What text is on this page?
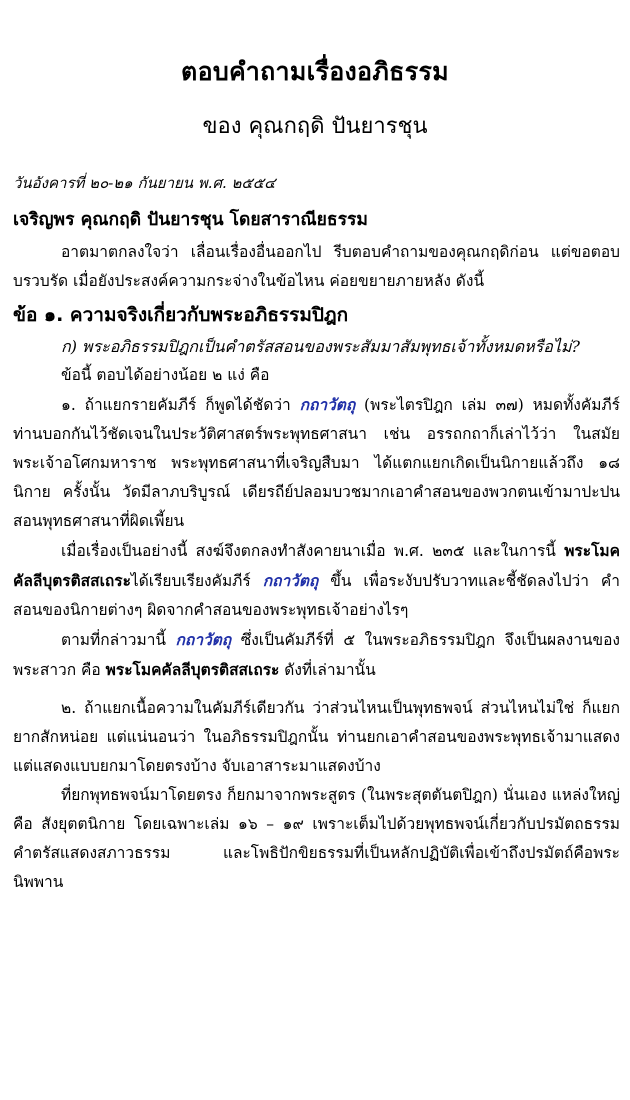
ตอบคำถามเรื่องอภิธรรม
ของ คุณกฤดิ ปันยารชุน
วันอังคารที่ ๒๐-๒๑ กันยายน พ.ศ. ๒๕๕๔
เจริญพร คุณกฤดิ ปันยารชุน โดยสาราณียธรรม

อาตมาตกลงใจว่า เลื่อนเรื่องอื่นออกไป รีบตอบคำถามของคุณกฤดิก่อน แต่ขอตอบบรวบรัด เมื่อยังประสงค์ความกระจ่างในข้อไหน ค่อยขยายภายหลัง ดังนี้

ข้อ ๑. ความจริงเกี่ยวกับพระอภิธรรมปิฎก

ก) พระอภิธรรมปิฎกเป็นคำตรัสสอนของพระสัมมาสัมพุทธเจ้าทั้งหมดหรือไม่?

ข้อนี้ ตอบได้อย่างน้อย ๒ แง่ คือ

๑. ถ้าแยกรายคัมภีร์ ก็พูดได้ชัดว่า กถาวัตถุ (พระไตรปิฎก เล่ม ๓๗) หมดทั้งคัมภีร์ ท่านบอกกันไว้ชัดเจนในประวัติศาสตร์พระพุทธศาสนา เช่น อรรถกถาก็เล่าไว้ว่า ในสมัยพระเจ้าอโศกมหาราช พระพุทธศาสนาที่เจริญสืบมา ได้แตกแยกเกิดเป็นนิกายแล้วถึง ๑๘ นิกาย ครั้งนั้น วัดมีลาภบริบูรณ์ เดียรถีย์ปลอมบวชมากเอาคำสอนของพวกตนเข้ามาปะปน สอนพุทธศาสนาที่ผิดเพี้ยน

เมื่อเรื่องเป็นอย่างนี้ สงฆ์จึงตกลงทำสังคายนาเมื่อ พ.ศ. ๒๓๕ และในการนี้ พระโมคคัลลีบุตรติสสเถระได้เรียบเรียงคัมภีร์ กถาวัตถุ ขึ้น เพื่อระงับปรับวาทและชี้ชัดลงไปว่า คำสอนของนิกายต่างๆ ผิดจากคำสอนของพระพุทธเจ้าอย่างไรๆ

ตามที่กล่าวมานี้ กถาวัตถุ ซึ่งเป็นคัมภีร์ที่ ๕ ในพระอภิธรรมปิฎก จึงเป็นผลงานของพระสาวก คือ พระโมคคัลลีบุตรติสสเถระ ดังที่เล่ามานั้น

๒. ถ้าแยกเนื้อความในคัมภีร์เดียวกัน ว่าส่วนไหนเป็นพุทธพจน์ ส่วนไหนไม่ใช่ ก็แยกยากสักหน่อย แต่แน่นอนว่า ในอภิธรรมปิฎกนั้น ท่านยกเอาคำสอนของพระพุทธเจ้ามาแสดง แต่แสดงแบบยกมาโดยตรงบ้าง จับเอาสาระมาแสดงบ้าง

ที่ยกพุทธพจน์มาโดยตรง ก็ยกมาจากพระสูตร (ในพระสุตตันตปิฎก) นั่นเอง แหล่งใหญ่ คือ สังยุตตนิกาย โดยเฉพาะเล่ม ๑๖ – ๑๙ เพราะเต็มไปด้วยพุทธพจน์เกี่ยวกับปรมัตถธรรม คำตรัสแสดงสภาวธรรม และโพธิปักขิยธรรมที่เป็นหลักปฏิบัติเพื่อเข้าถึงปรมัตถ์คือพระนิพพาน
